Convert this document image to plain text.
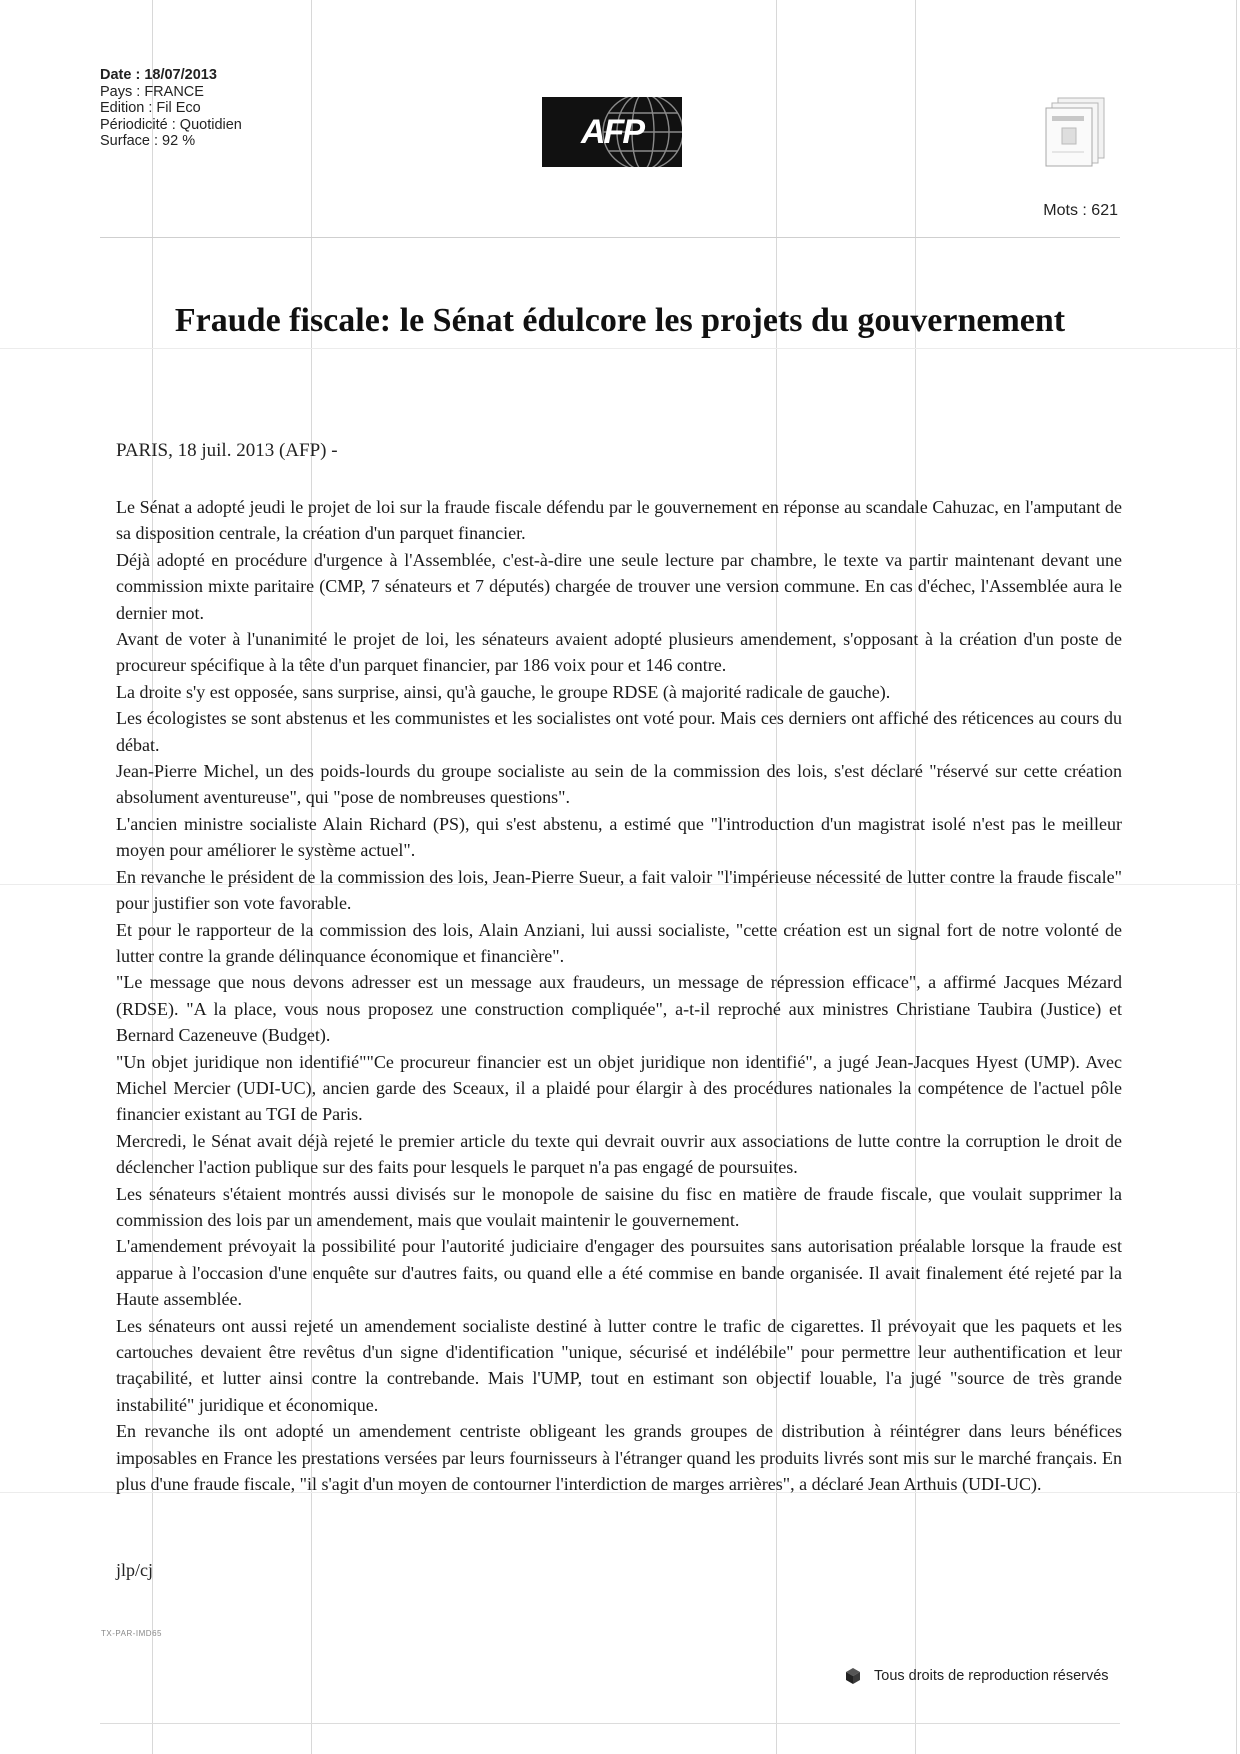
Date : 18/07/2013
Pays : FRANCE
Edition : Fil Eco
Périodicité : Quotidien
Surface : 92 %	AFP
Mots : 621
Fraude fiscale: le Sénat édulcore les projets du gouvernement
PARIS, 18 juil. 2013 (AFP) -

Le Sénat a adopté jeudi le projet de loi sur la fraude fiscale défendu par le gouvernement en réponse au scandale Cahuzac, en l'amputant de sa disposition centrale, la création d'un parquet financier.

Déjà adopté en procédure d'urgence à l'Assemblée, c'est-à-dire une seule lecture par chambre, le texte va partir maintenant devant une commission mixte paritaire (CMP, 7 sénateurs et 7 députés) chargée de trouver une version commune. En cas d'échec, l'Assemblée aura le dernier mot.

Avant de voter à l'unanimité le projet de loi, les sénateurs avaient adopté plusieurs amendement, s'opposant à la création d'un poste de procureur spécifique à la tête d'un parquet financier, par 186 voix pour et 146 contre.

La droite s'y est opposée, sans surprise, ainsi, qu'à gauche, le groupe RDSE (à majorité radicale de gauche).

Les écologistes se sont abstenus et les communistes et les socialistes ont voté pour. Mais ces derniers ont affiché des réticences au cours du débat.

Jean-Pierre Michel, un des poids-lourds du groupe socialiste au sein de la commission des lois, s'est déclaré "réservé sur cette création absolument aventureuse", qui "pose de nombreuses questions".

L'ancien ministre socialiste Alain Richard (PS), qui s'est abstenu, a estimé que "l'introduction d'un magistrat isolé n'est pas le meilleur moyen pour améliorer le système actuel".

En revanche le président de la commission des lois, Jean-Pierre Sueur, a fait valoir "l'impérieuse nécessité de lutter contre la fraude fiscale" pour justifier son vote favorable.

Et pour le rapporteur de la commission des lois, Alain Anziani, lui aussi socialiste, "cette création est un signal fort de notre volonté de lutter contre la grande délinquance économique et financière".

"Le message que nous devons adresser est un message aux fraudeurs, un message de répression efficace", a affirmé Jacques Mézard (RDSE). "A la place, vous nous proposez une construction compliquée", a-t-il reproché aux ministres Christiane Taubira (Justice) et Bernard Cazeneuve (Budget).

"Un objet juridique non identifié""Ce procureur financier est un objet juridique non identifié", a jugé Jean-Jacques Hyest (UMP). Avec Michel Mercier (UDI-UC), ancien garde des Sceaux, il a plaidé pour élargir à des procédures nationales la compétence de l'actuel pôle financier existant au TGI de Paris.

Mercredi, le Sénat avait déjà rejeté le premier article du texte qui devrait ouvrir aux associations de lutte contre la corruption le droit de déclencher l'action publique sur des faits pour lesquels le parquet n'a pas engagé de poursuites.

Les sénateurs s'étaient montrés aussi divisés sur le monopole de saisine du fisc en matière de fraude fiscale, que voulait supprimer la commission des lois par un amendement, mais que voulait maintenir le gouvernement.

L'amendement prévoyait la possibilité pour l'autorité judiciaire d'engager des poursuites sans autorisation préalable lorsque la fraude est apparue à l'occasion d'une enquête sur d'autres faits, ou quand elle a été commise en bande organisée. Il avait finalement été rejeté par la Haute assemblée.

Les sénateurs ont aussi rejeté un amendement socialiste destiné à lutter contre le trafic de cigarettes. Il prévoyait que les paquets et les cartouches devaient être revêtus d'un signe d'identification "unique, sécurisé et indélébile" pour permettre leur authentification et leur traçabilité, et lutter ainsi contre la contrebande. Mais l'UMP, tout en estimant son objectif louable, l'a jugé "source de très grande instabilité" juridique et économique.

En revanche ils ont adopté un amendement centriste obligeant les grands groupes de distribution à réintégrer dans leurs bénéfices imposables en France les prestations versées par leurs fournisseurs à l'étranger quand les produits livrés sont mis sur le marché français. En plus d'une fraude fiscale, "il s'agit d'un moyen de contourner l'interdiction de marges arrières", a déclaré Jean Arthuis (UDI-UC).

jlp/cj
TX-PAR-IMD65
Tous droits de reproduction réservés
